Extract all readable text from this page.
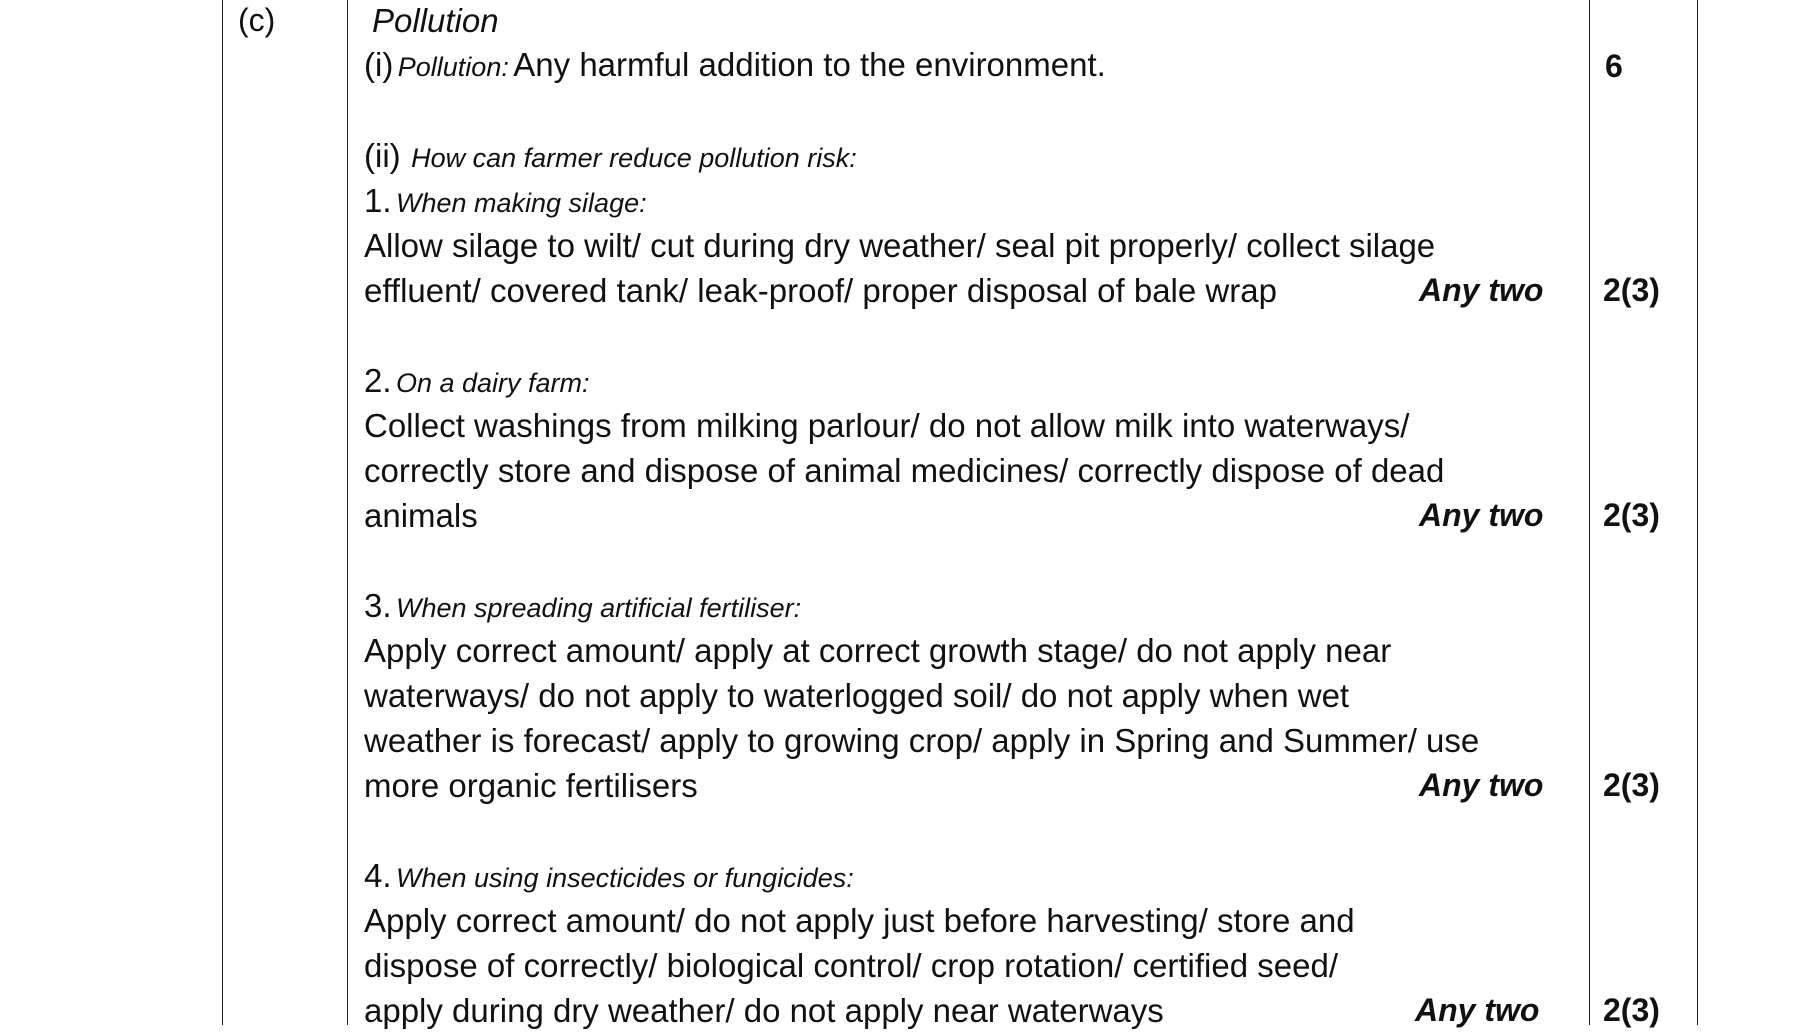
(c)	Pollution
(i) Pollution: Any harmful addition to the environment.	6
(ii) How can farmer reduce pollution risk:
1. When making silage:
Allow silage to wilt/ cut during dry weather/ seal pit properly/ collect silage
effluent/ covered tank/ leak-proof/ proper disposal of bale wrap	Any two 2(3)
2. On a dairy farm:
Collect washings from milking parlour/ do not allow milk into waterways/
correctly store and dispose of animal medicines/ correctly dispose of dead
animals	Any two 2(3)
3. When spreading artificial fertiliser:
Apply correct amount/ apply at correct growth stage/ do not apply near
waterways/ do not apply to waterlogged soil/ do not apply when wet
weather is forecast/ apply to growing crop/ apply in Spring and Summer/ use
more organic fertilisers	Any two 2(3)
4. When using insecticides or fungicides:
Apply correct amount/ do not apply just before harvesting/ store and
dispose of correctly/ biological control/ crop rotation/ certified seed/
apply during dry weather/ do not apply near waterways	Any two 2(3)
